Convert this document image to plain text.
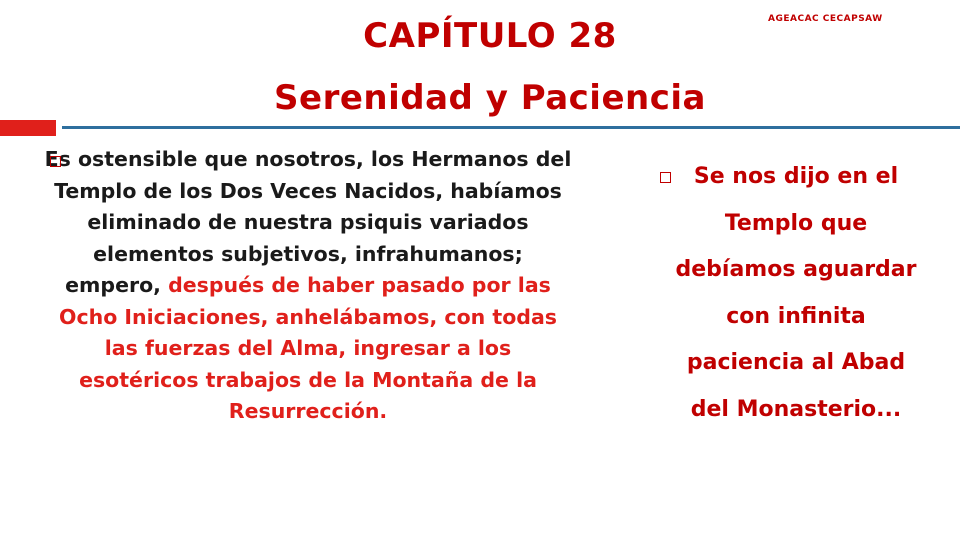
AGEACAC CECAPSAW
CAPÍTULO 28
Serenidad y Paciencia
Es ostensible que nosotros, los Hermanos del Templo de los Dos Veces Nacidos, habíamos eliminado de nuestra psiquis variados elementos subjetivos, infrahumanos; empero, después de haber pasado por las Ocho Iniciaciones, anhelábamos, con todas las fuerzas del Alma, ingresar a los esotéricos trabajos de la Montaña de la Resurrección.
Se nos dijo en el Templo que debíamos aguardar con infinita paciencia al Abad del Monasterio...
